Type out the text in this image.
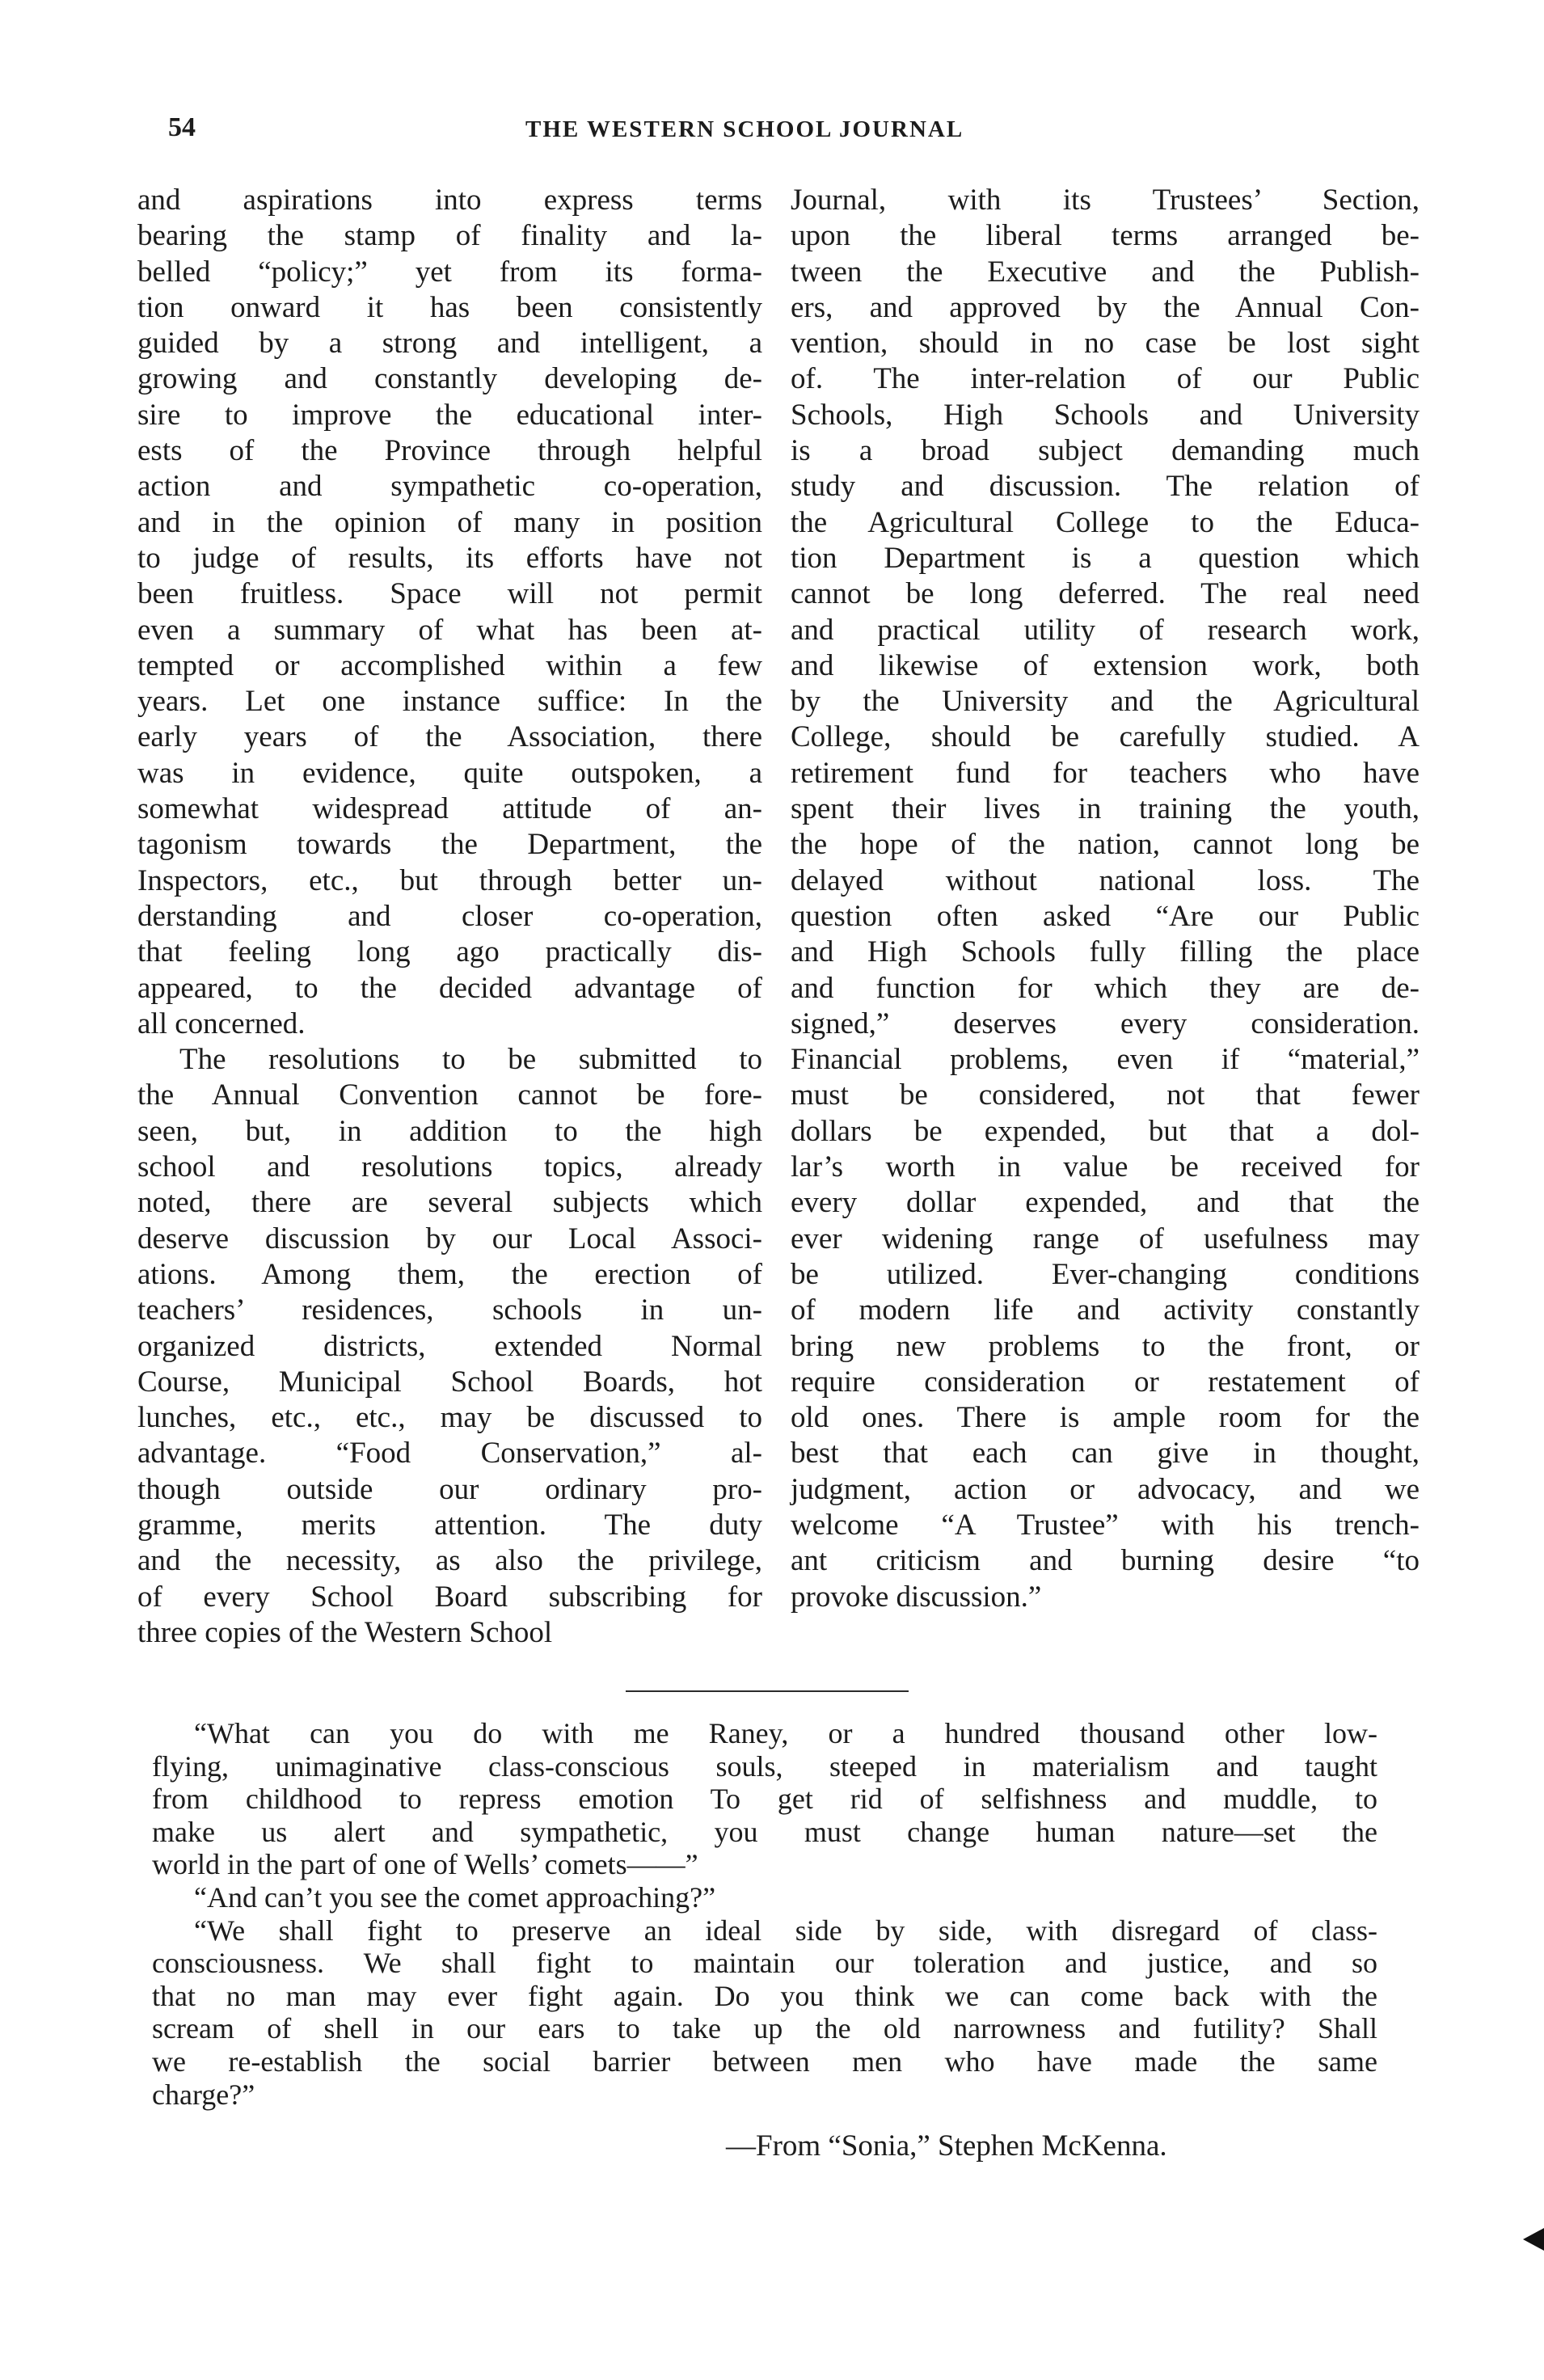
54	THE WESTERN SCHOOL JOURNAL
and aspirations into express terms
bearing the stamp of finality and la-
belled “policy;” yet from its forma-
tion onward it has been consistently
guided by a strong and intelligent, a
growing and constantly developing de-
sire to improve the educational inter-
ests of the Province through helpful
action and sympathetic co-operation,
and in the opinion of many in position
to judge of results, its efforts have not
been fruitless. Space will not permit
even a summary of what has been at-
tempted or accomplished within a few
years. Let one instance suffice: In the
early years of the Association, there
was in evidence, quite outspoken, a
somewhat widespread attitude of an-
tagonism towards the Department, the
Inspectors, etc., but through better un-
derstanding and closer co-operation,
that feeling long ago practically dis-
appeared, to the decided advantage of
all concerned.
The resolutions to be submitted to
the Annual Convention cannot be fore-
seen, but, in addition to the high
school and resolutions topics, already
noted, there are several subjects which
deserve discussion by our Local Associ-
ations. Among them, the erection of
teachers’ residences, schools in un-
organized districts, extended Normal
Course, Municipal School Boards, hot
lunches, etc., etc., may be discussed to
advantage. “Food Conservation,” al-
though outside our ordinary pro-
gramme, merits attention. The duty
and the necessity, as also the privilege,
of every School Board subscribing for
three copies of the Western School
Journal, with its Trustees’ Section,
upon the liberal terms arranged be-
tween the Executive and the Publish-
ers, and approved by the Annual Con-
vention, should in no case be lost sight
of. The inter-relation of our Public
Schools, High Schools and University
is a broad subject demanding much
study and discussion. The relation of
the Agricultural College to the Educa-
tion Department is a question which
cannot be long deferred. The real need
and practical utility of research work,
and likewise of extension work, both
by the University and the Agricultural
College, should be carefully studied. A
retirement fund for teachers who have
spent their lives in training the youth,
the hope of the nation, cannot long be
delayed without national loss. The
question often asked “Are our Public
and High Schools fully filling the place
and function for which they are de-
signed,” deserves every consideration.
Financial problems, even if “material,”
must be considered, not that fewer
dollars be expended, but that a dol-
lar’s worth in value be received for
every dollar expended, and that the
ever widening range of usefulness may
be utilized. Ever-changing conditions
of modern life and activity constantly
bring new problems to the front, or
require consideration or restatement of
old ones. There is ample room for the
best that each can give in thought,
judgment, action or advocacy, and we
welcome “A Trustee” with his trench-
ant criticism and burning desire “to
provoke discussion.”
“What can you do with me Raney, or a hundred thousand other low-
flying, unimaginative class-conscious souls, steeped in materialism and taught
from childhood to repress emotion To get rid of selfishness and muddle, to
make us alert and sympathetic, you must change human nature—set the
world in the part of one of Wells’ comets——”
“And can’t you see the comet approaching?”
“We shall fight to preserve an ideal side by side, with disregard of class-
consciousness. We shall fight to maintain our toleration and justice, and so
that no man may ever fight again. Do you think we can come back with the
scream of shell in our ears to take up the old narrowness and futility? Shall
we re-establish the social barrier between men who have made the same
charge?”
—From “Sonia,” Stephen McKenna.
